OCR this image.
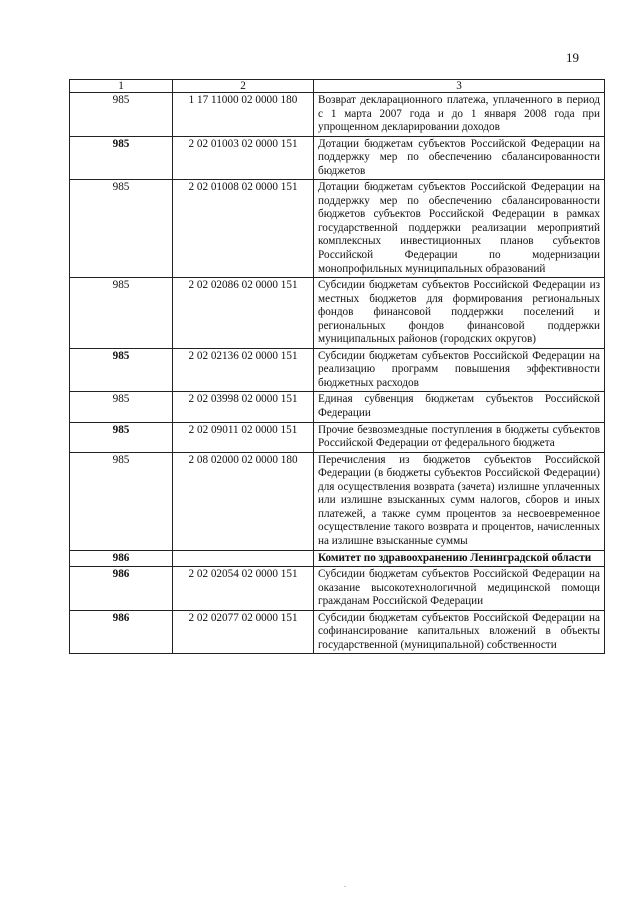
19
1	2	3
985	1 17 11000 02 0000 180	Возврат декларационного платежа, уплаченного в период с 1 марта 2007 года и до 1 января 2008 года при упрощенном декларировании доходов
985	2 02 01003 02 0000 151	Дотации бюджетам субъектов Российской Федерации на поддержку мер по обеспечению сбалансированности бюджетов
985	2 02 01008 02 0000 151	Дотации бюджетам субъектов Российской Федерации на поддержку мер по обеспечению сбалансированности бюджетов субъектов Российской Федерации в рамках государственной поддержки реализации мероприятий комплексных инвестиционных планов субъектов Российской Федерации по модернизации монопрофильных муниципальных образований
985	2 02 02086 02 0000 151	Субсидии бюджетам субъектов Российской Федерации из местных бюджетов для формирования региональных фондов финансовой поддержки поселений и региональных фондов финансовой поддержки муниципальных районов (городских округов)
985	2 02 02136 02 0000 151	Субсидии бюджетам субъектов Российской Федерации на реализацию программ повышения эффективности бюджетных расходов
985	2 02 03998 02 0000 151	Единая субвенция бюджетам субъектов Российской Федерации
985	2 02 09011 02 0000 151	Прочие безвозмездные поступления в бюджеты субъектов Российской Федерации от федерального бюджета
985	2 08 02000 02 0000 180	Перечисления из бюджетов субъектов Российской Федерации (в бюджеты субъектов Российской Федерации) для осуществления возврата (зачета) излишне уплаченных или излишне взысканных сумм налогов, сборов и иных платежей, а также сумм процентов за несвоевременное осуществление такого возврата и процентов, начисленных на излишне взысканные суммы
986		Комитет по здравоохранению Ленинградской области
986	2 02 02054 02 0000 151	Субсидии бюджетам субъектов Российской Федерации на оказание высокотехнологичной медицинской помощи гражданам Российской Федерации
986	2 02 02077 02 0000 151	Субсидии бюджетам субъектов Российской Федерации на софинансирование капитальных вложений в объекты государственной (муниципальной) собственности
.
